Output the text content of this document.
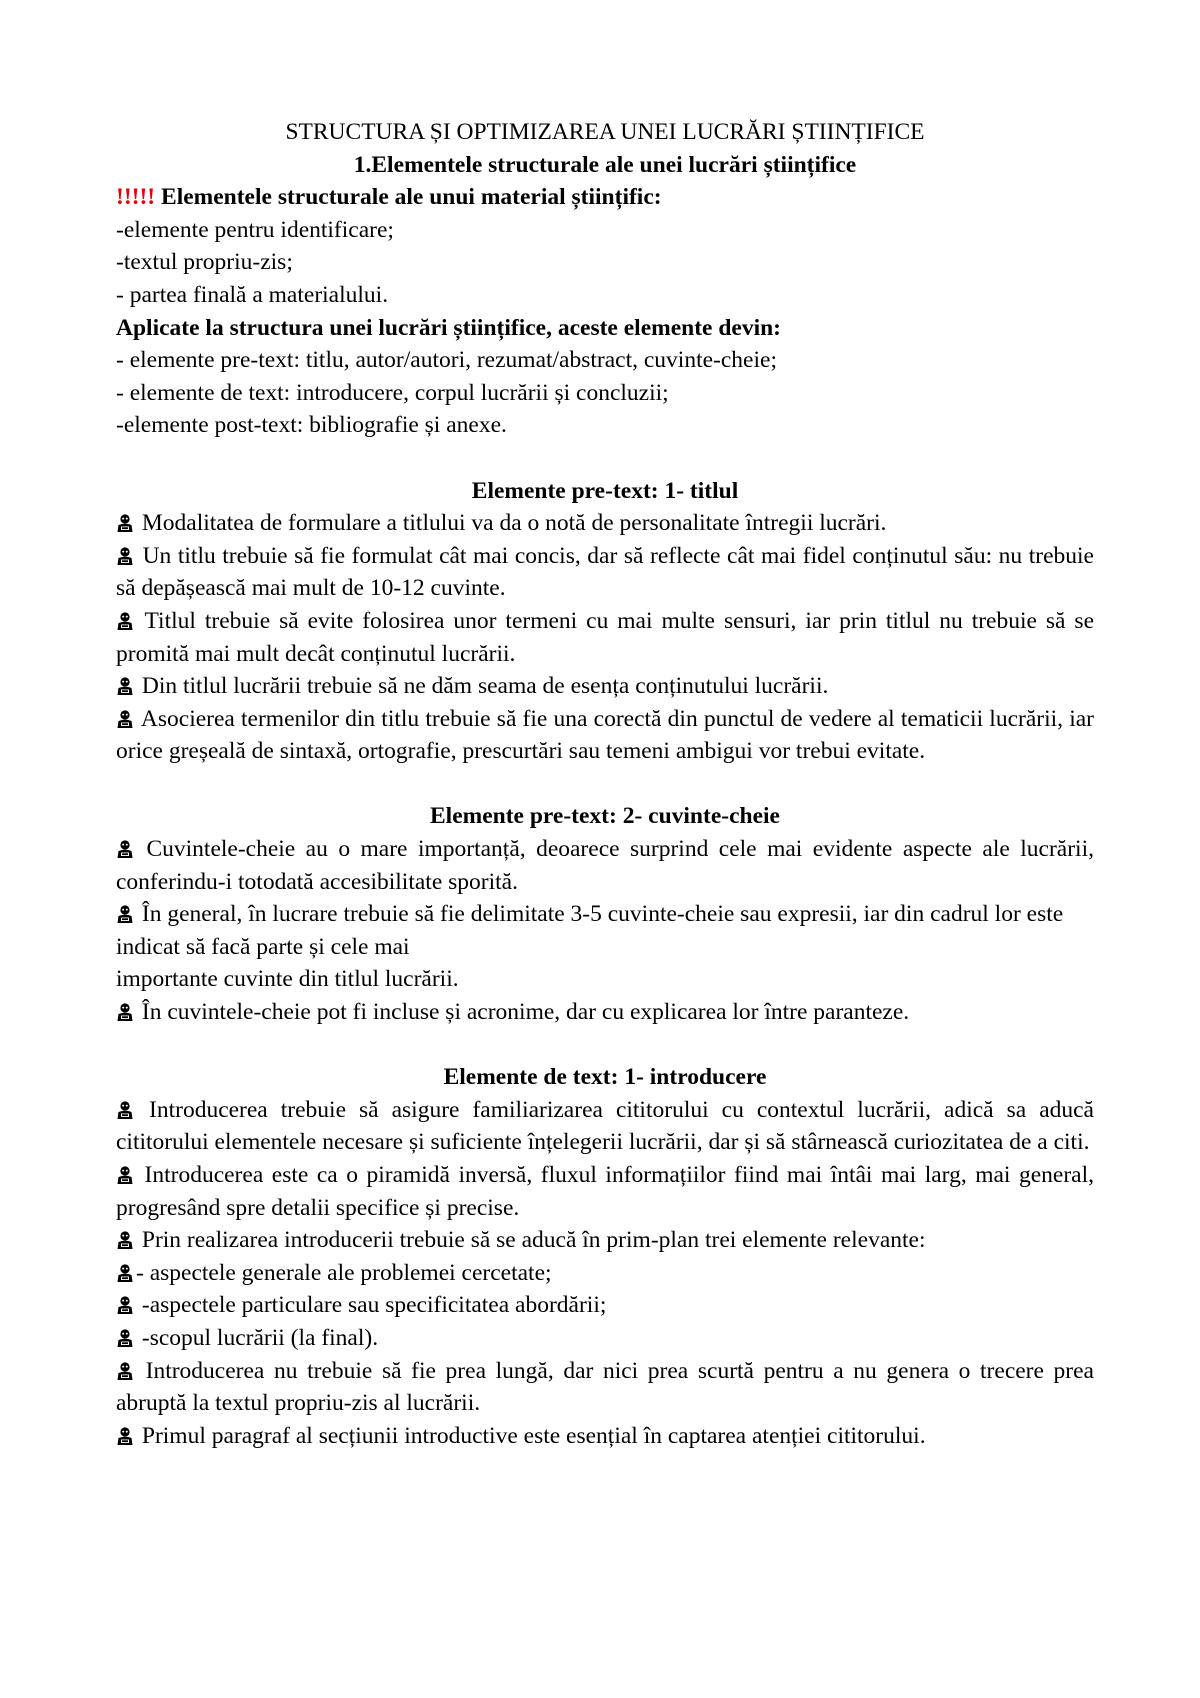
STRUCTURA ȘI OPTIMIZAREA UNEI LUCRĂRI ȘTIINȚIFICE

1.Elementele structurale ale unei lucrări științifice

!!!!! Elementele structurale ale unui material științific:

-elemente pentru identificare;

-textul propriu-zis;

- partea finală a materialului.

Aplicate la structura unei lucrări științifice, aceste elemente devin:

- elemente pre-text: titlu, autor/autori, rezumat/abstract, cuvinte-cheie;

- elemente de text: introducere, corpul lucrării și concluzii;

-elemente post-text: bibliografie și anexe.

Elemente pre-text: 1- titlul

Modalitatea de formulare a titlului va da o notă de personalitate întregii lucrări.

Un titlu trebuie să fie formulat cât mai concis, dar să reflecte cât mai fidel conținutul său: nu trebuie să depășească mai mult de 10-12 cuvinte.

Titlul trebuie să evite folosirea unor termeni cu mai multe sensuri, iar prin titlul nu trebuie să se promită mai mult decât conținutul lucrării.

Din titlul lucrării trebuie să ne dăm seama de esența conținutului lucrării.

Asocierea termenilor din titlu trebuie să fie una corectă din punctul de vedere al tematicii lucrării, iar orice greșeală de sintaxă, ortografie, prescurtări sau temeni ambigui vor trebui evitate.

Elemente pre-text: 2- cuvinte-cheie

Cuvintele-cheie au o mare importanță, deoarece surprind cele mai evidente aspecte ale lucrării, conferindu-i totodată accesibilitate sporită.

În general, în lucrare trebuie să fie delimitate 3-5 cuvinte-cheie sau expresii, iar din cadrul lor este indicat să facă parte și cele mai

importante cuvinte din titlul lucrării.

În cuvintele-cheie pot fi incluse și acronime, dar cu explicarea lor între paranteze.

Elemente de text: 1- introducere

Introducerea trebuie să asigure familiarizarea cititorului cu contextul lucrării, adică sa aducă cititorului elementele necesare și suficiente înțelegerii lucrării, dar și să stârnească curiozitatea de a citi.

Introducerea este ca o piramidă inversă, fluxul informațiilor fiind mai întâi mai larg, mai general, progresând spre detalii specifice și precise.

Prin realizarea introducerii trebuie să se aducă în prim-plan trei elemente relevante:

- aspectele generale ale problemei cercetate;

-aspectele particulare sau specificitatea abordării;

-scopul lucrării (la final).

Introducerea nu trebuie să fie prea lungă, dar nici prea scurtă pentru a nu genera o trecere prea abruptă la textul propriu-zis al lucrării.

Primul paragraf al secțiunii introductive este esențial în captarea atenției cititorului.
